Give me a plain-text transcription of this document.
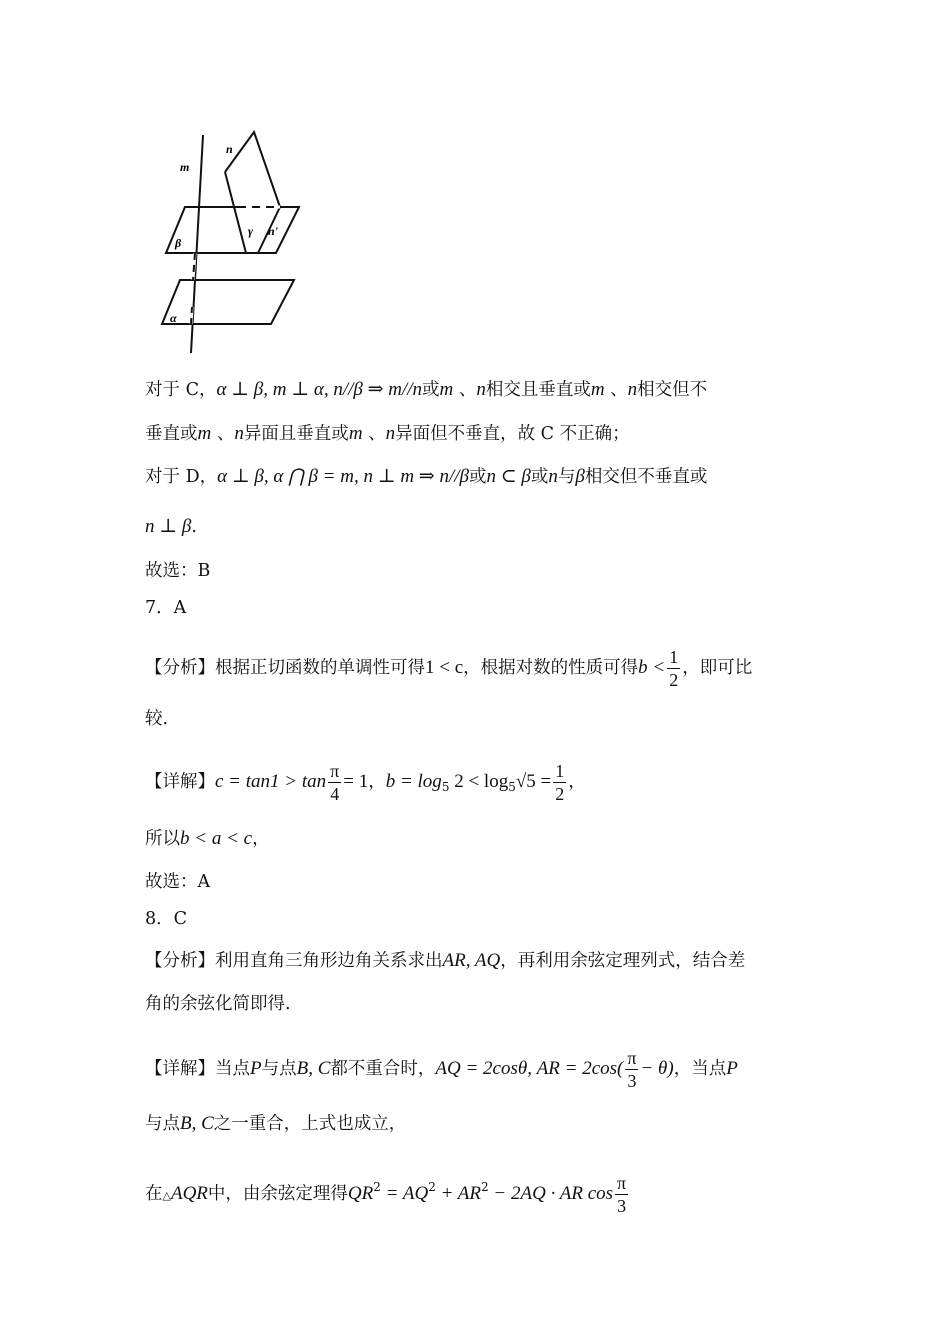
m
n
n'
β
γ
α
对于 C，α ⊥ β, m ⊥ α, n//β ⇒ m//n或m 、n相交且垂直或m 、n相交但不
垂直或m 、n异面且垂直或m 、n异面但不垂直，故 C 不正确；
对于 D，α ⊥ β, α ⋂ β = m, n ⊥ m ⇒ n//β或n ⊂ β或n与β相交但不垂直或
n ⊥ β.
故选：B
7．A
【分析】根据正切函数的单调性可得1 < c，根据对数的性质可得$b < \frac{1}{2}$ ，即可比
较.
【详解】$c = \tan 1 > \tan \frac{\pi}{4} = 1$，$b = \log_5 2 < \log_5√5 = \frac{1}{2}$ ，
所以b < a < c，
故选：A
8．C
【分析】利用直角三角形边角关系求出AR, AQ，再利用余弦定理列式，结合差
角的余弦化简即得.
【详解】当点P与点B, C都不重合时，AQ = 2cosθ, AR = $2\cos( \frac{\pi}{3} - \theta)$，当点P
与点B, C之一重合，上式也成立，
在△AQR中，由余弦定理得$QR^2 = AQ^2 + AR^2 - 2AQ$ · AR $\cos \frac{\pi}{3}$
